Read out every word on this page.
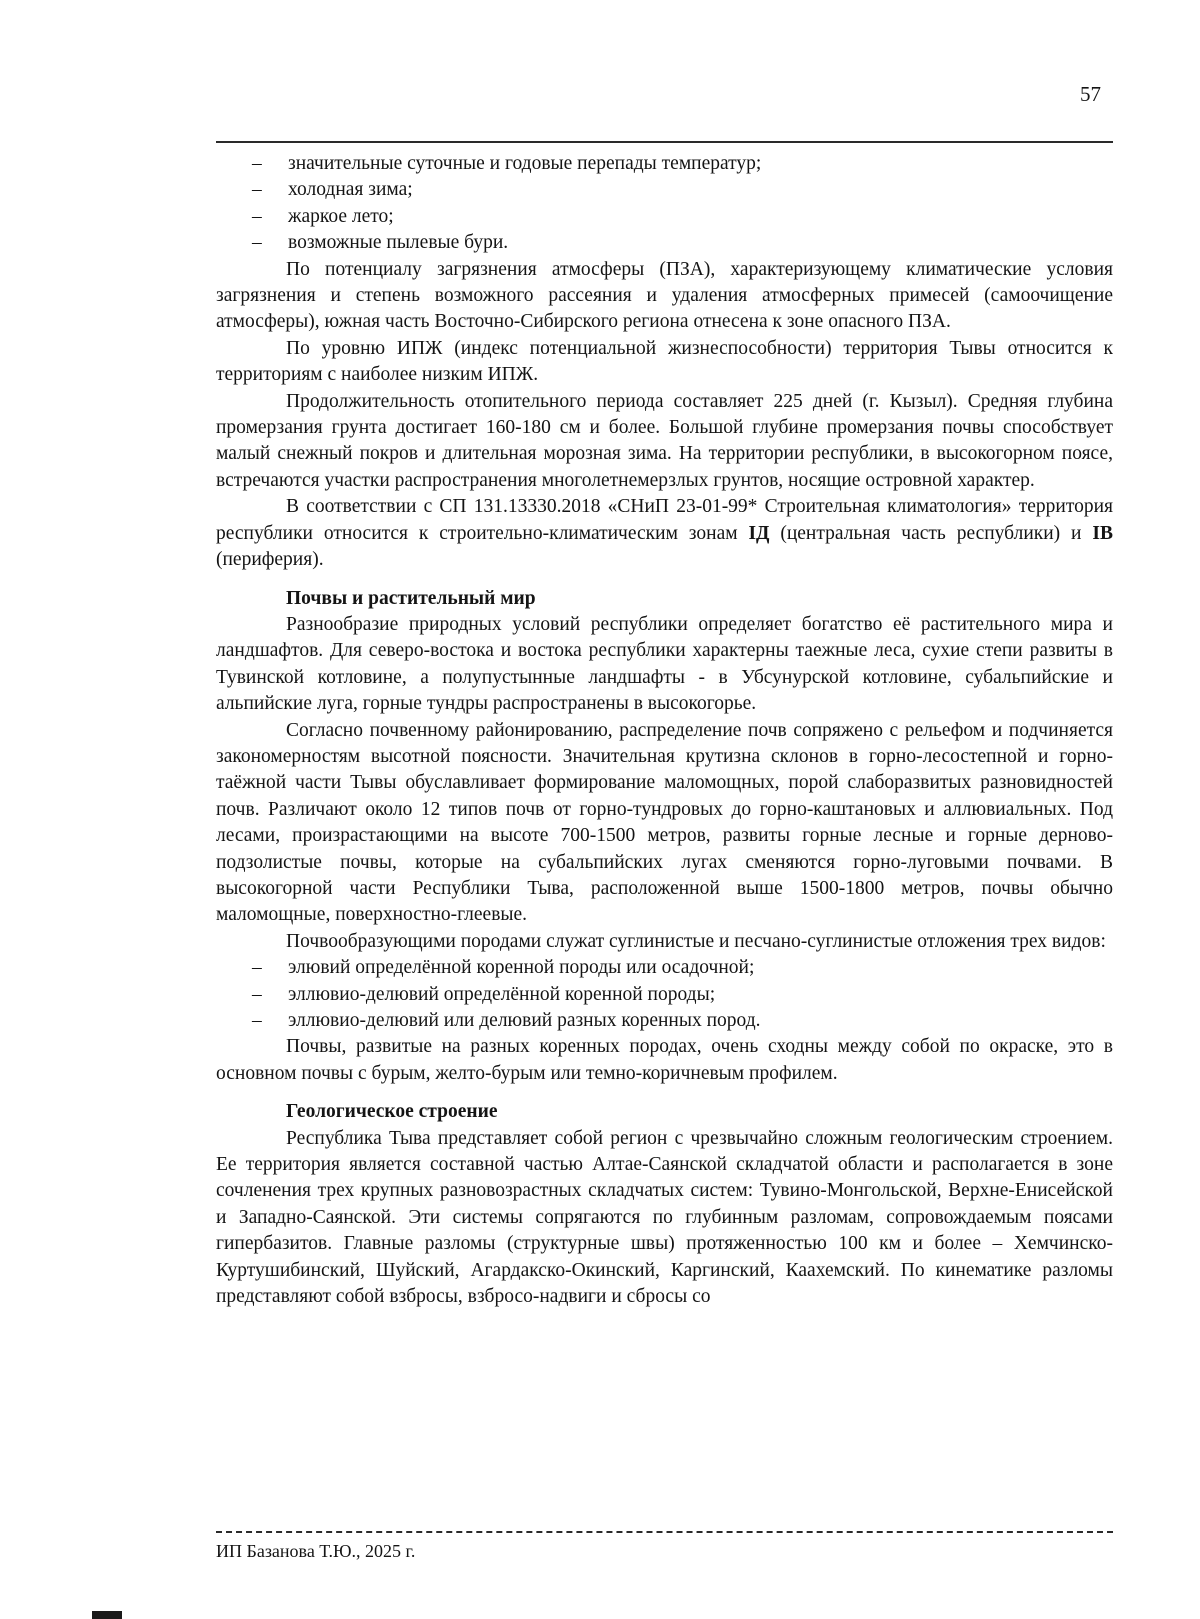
57
– значительные суточные и годовые перепады температур;
– холодная зима;
– жаркое лето;
– возможные пылевые бури.

По потенциалу загрязнения атмосферы (ПЗА), характеризующему климатические условия загрязнения и степень возможного рассеяния и удаления атмосферных примесей (самоочищение атмосферы), южная часть Восточно-Сибирского региона отнесена к зоне опасного ПЗА.

По уровню ИПЖ (индекс потенциальной жизнеспособности) территория Тывы относится к территориям с наиболее низким ИПЖ.

Продолжительность отопительного периода составляет 225 дней (г. Кызыл). Средняя глубина промерзания грунта достигает 160-180 см и более. Большой глубине промерзания почвы способствует малый снежный покров и длительная морозная зима. На территории республики, в высокогорном поясе, встречаются участки распространения многолетнемерзлых грунтов, носящие островной характер.

В соответствии с СП 131.13330.2018 «СНиП 23-01-99* Строительная климатология» территория республики относится к строительно-климатическим зонам IД (центральная часть республики) и IВ (периферия).

Почвы и растительный мир

Разнообразие природных условий республики определяет богатство её растительного мира и ландшафтов. Для северо-востока и востока республики характерны таежные леса, сухие степи развиты в Тувинской котловине, а полупустынные ландшафты - в Убсунурской котловине, субальпийские и альпийские луга, горные тундры распространены в высокогорье.

Согласно почвенному районированию, распределение почв сопряжено с рельефом и подчиняется закономерностям высотной поясности. Значительная крутизна склонов в горно-лесостепной и горно-таёжной части Тывы обуславливает формирование маломощных, порой слаборазвитых разновидностей почв. Различают около 12 типов почв от горно-тундровых до горно-каштановых и аллювиальных. Под лесами, произрастающими на высоте 700-1500 метров, развиты горные лесные и горные дерново-подзолистые почвы, которые на субальпийских лугах сменяются горно-луговыми почвами. В высокогорной части Республики Тыва, расположенной выше 1500-1800 метров, почвы обычно маломощные, поверхностно-глеевые.

Почвообразующими породами служат суглинистые и песчано-суглинистые отложения трех видов:

– элювий определённой коренной породы или осадочной;
– эллювио-делювий определённой коренной породы;
– эллювио-делювий или делювий разных коренных пород.

Почвы, развитые на разных коренных породах, очень сходны между собой по окраске, это в основном почвы с бурым, желто-бурым или темно-коричневым профилем.

Геологическое строение

Республика Тыва представляет собой регион с чрезвычайно сложным геологическим строением. Ее территория является составной частью Алтае-Саянской складчатой области и располагается в зоне сочленения трех крупных разновозрастных складчатых систем: Тувино-Монгольской, Верхне-Енисейской и Западно-Саянской. Эти системы сопрягаются по глубинным разломам, сопровождаемым поясами гипербазитов. Главные разломы (структурные швы) протяженностью 100 км и более – Хемчинско-Куртушибинский, Шуйский, Агардакско-Окинский, Каргинский, Каахемский. По кинематике разломы представляют собой взбросы, взбросо-надвиги и сбросы со

ИП Базанова Т.Ю., 2025 г.
